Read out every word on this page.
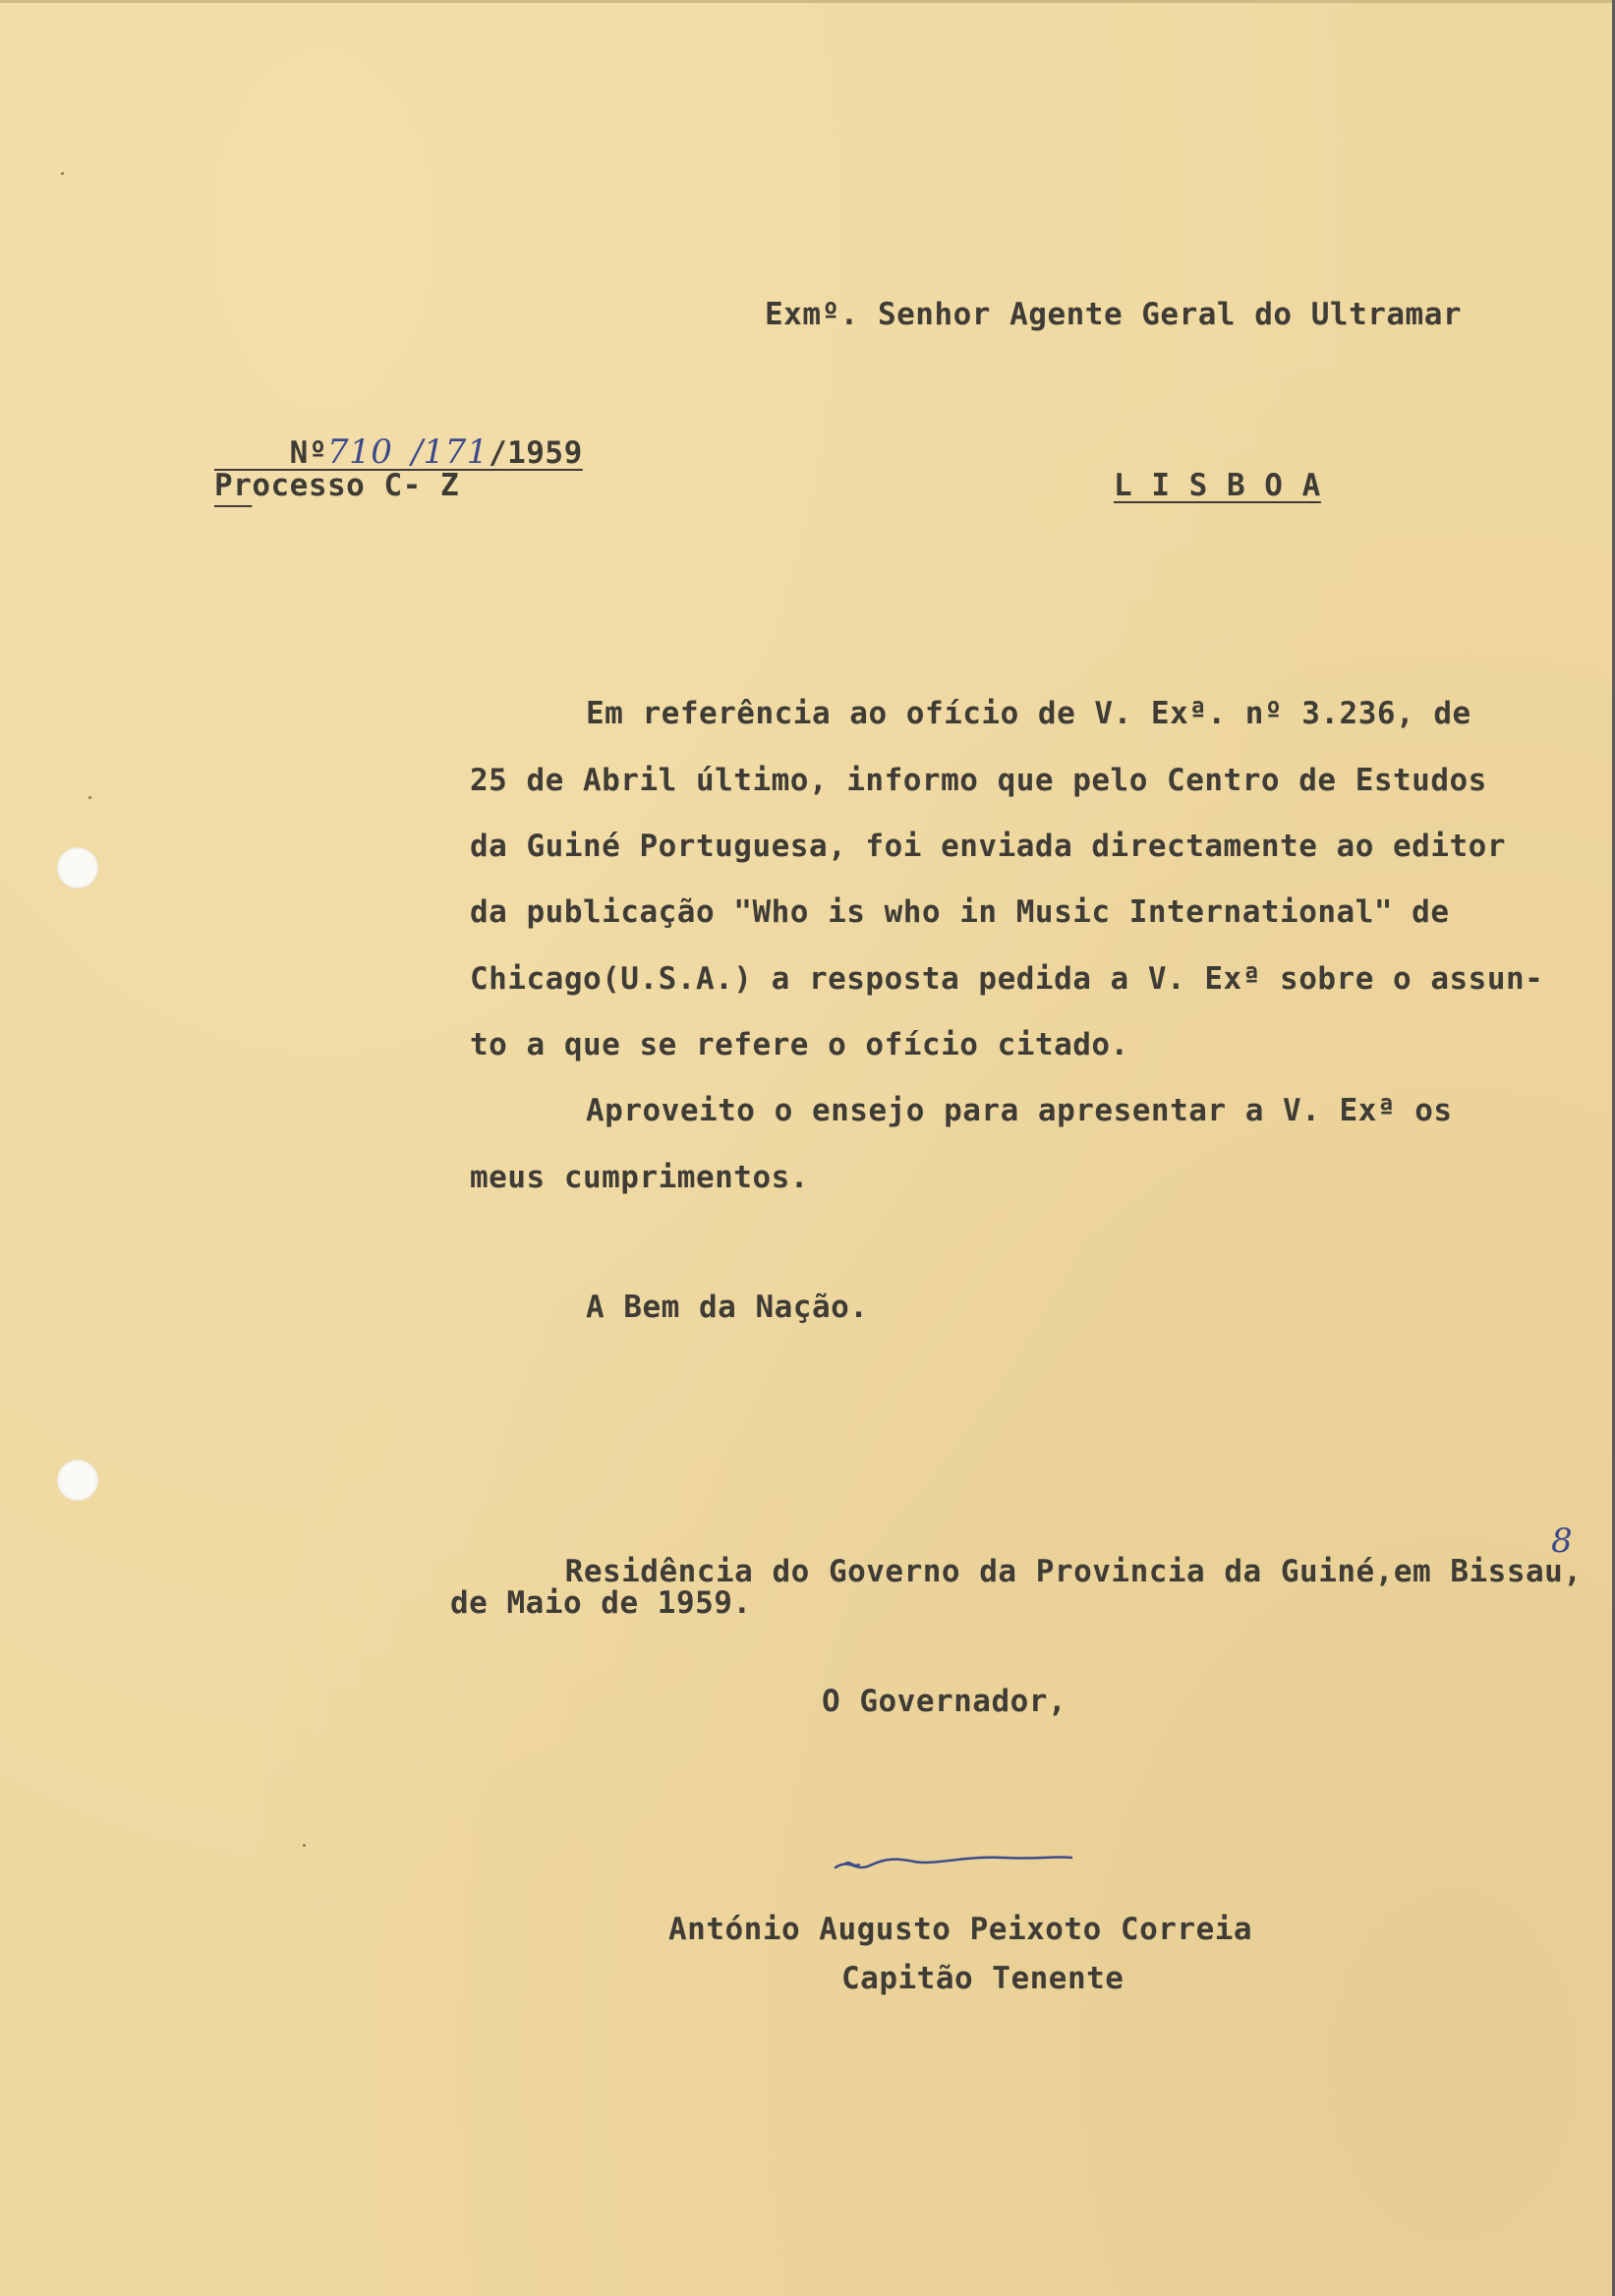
Exmº. Senhor Agente Geral do Ultramar

Nº710 /171/1959

Processo C- Z	L I S B O A
Em referência ao ofício de V. Exª. nº 3.236, de
25 de Abril último, informo que pelo Centro de Estudos
da Guiné Portuguesa, foi enviada directamente ao editor
da publicação "Who is who in Music International" de
Chicago(U.S.A.) a resposta pedida a V. Exª sobre o assun-
to a que se refere o ofício citado.
Aproveito o ensejo para apresentar a V. Exª os
meus cumprimentos.
A Bem da Nação.

Residência do Governo da Provincia da Guiné,em Bissau,

8
de Maio de 1959.
O Governador,
António Augusto Peixoto Correia
Capitão Tenente
